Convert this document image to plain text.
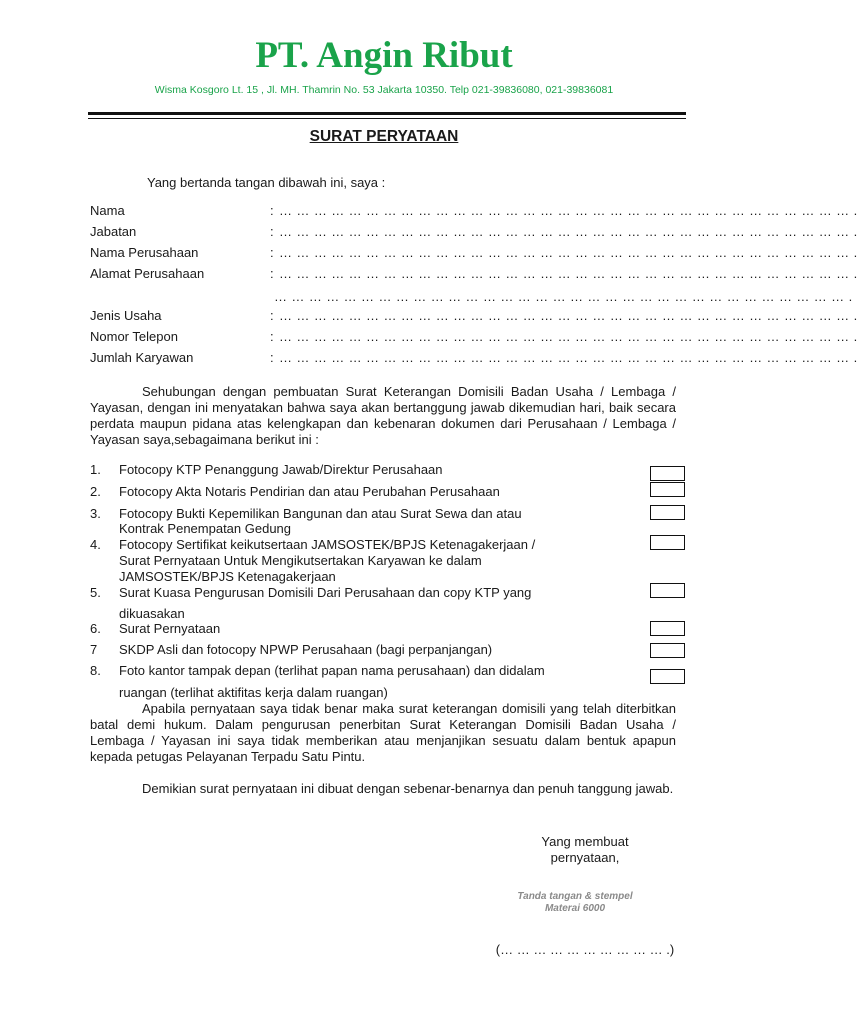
PT. Angin Ribut
Wisma Kosgoro Lt. 15 , Jl. MH. Thamrin No. 53 Jakarta 10350. Telp 021-39836080, 021-39836081
SURAT PERYATAAN
Yang bertanda tangan dibawah ini, saya :
Nama	: … … … … … … … … … … … … … … … … … … … … … … … … … … … … … … … … … .
Jabatan	: … … … … … … … … … … … … … … … … … … … … … … … … … … … … … … … … … .
Nama Perusahaan	: … … … … … … … … … … … … … … … … … … … … … … … … … … … … … … … … … .
Alamat Perusahaan	: … … … … … … … … … … … … … … … … … … … … … … … … … … … … … … … … … .
… … … … … … … … … … … … … … … … … … … … … … … … … … … … … … … … … .
Jenis Usaha	: … … … … … … … … … … … … … … … … … … … … … … … … … … … … … … … … … .
Nomor Telepon	: … … … … … … … … … … … … … … … … … … … … … … … … … … … … … … … … … .
Jumlah Karyawan	: … … … … … … … … … … … … … … … … … … … … … … … … … … … … … … … … … .
Sehubungan dengan pembuatan Surat Keterangan Domisili Badan Usaha / Lembaga / Yayasan, dengan ini menyatakan bahwa saya akan bertanggung jawab dikemudian hari, baik secara perdata maupun pidana atas kelengkapan dan kebenaran dokumen dari Perusahaan / Lembaga / Yayasan saya,sebagaimana berikut ini :
1. Fotocopy KTP Penanggung Jawab/Direktur Perusahaan
2. Fotocopy Akta Notaris Pendirian dan atau Perubahan Perusahaan
3. Fotocopy Bukti Kepemilikan Bangunan dan atau Surat Sewa dan atau
Kontrak Penempatan Gedung
4. Fotocopy Sertifikat keikutsertaan JAMSOSTEK/BPJS Ketenagakerjaan /
Surat Pernyataan Untuk Mengikutsertakan Karyawan ke dalam
JAMSOSTEK/BPJS Ketenagakerjaan
5. Surat Kuasa Pengurusan Domisili Dari Perusahaan dan copy KTP yang
dikuasakan
6. Surat Pernyataan
7 SKDP Asli dan fotocopy NPWP Perusahaan (bagi perpanjangan)
8. Foto kantor tampak depan (terlihat papan nama perusahaan) dan didalam
ruangan (terlihat aktifitas kerja dalam ruangan)
Apabila pernyataan saya tidak benar maka surat keterangan domisili yang telah diterbitkan batal demi hukum. Dalam pengurusan penerbitan Surat Keterangan Domisili Badan Usaha / Lembaga / Yayasan ini saya tidak memberikan atau menjanjikan sesuatu dalam bentuk apapun kepada petugas Pelayanan Terpadu Satu Pintu.
Demikian surat pernyataan ini dibuat dengan sebenar-benarnya dan penuh tanggung jawab.
Yang membuat
pernyataan,
Tanda tangan & stempel
Materai 6000
(… … … … … … … … … … .)
